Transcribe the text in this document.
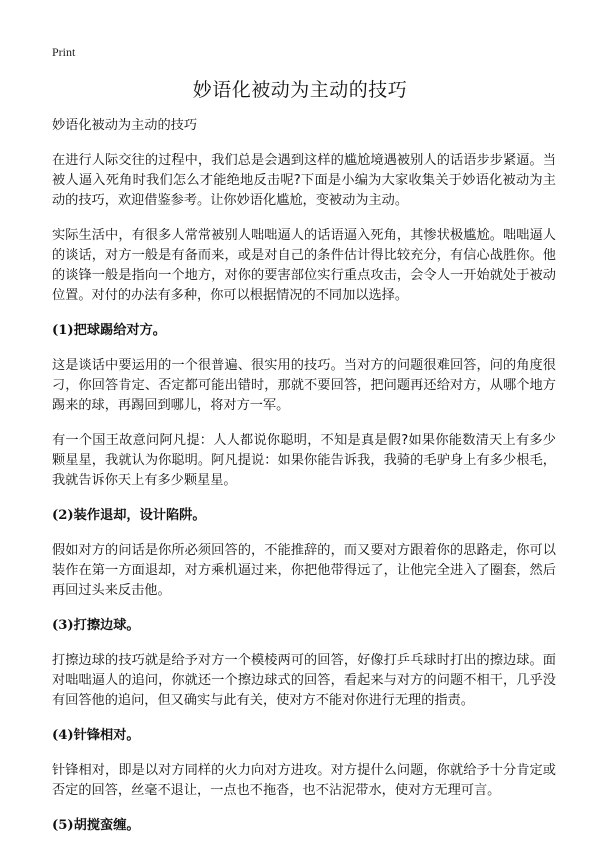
Print
妙语化被动为主动的技巧

妙语化被动为主动的技巧

在进行人际交往的过程中，我们总是会遇到这样的尴尬境遇被别人的话语步步紧逼。当被人逼入死角时我们怎么才能绝地反击呢?下面是小编为大家收集关于妙语化被动为主动的技巧，欢迎借鉴参考。让你妙语化尴尬，变被动为主动。

实际生活中，有很多人常常被别人咄咄逼人的话语逼入死角，其惨状极尴尬。咄咄逼人的谈话，对方一般是有备而来，或是对自己的条件估计得比较充分，有信心战胜你。他的谈锋一般是指向一个地方，对你的要害部位实行重点攻击，会令人一开始就处于被动位置。对付的办法有多种，你可以根据情况的不同加以选择。

(1)把球踢给对方。

这是谈话中要运用的一个很普遍、很实用的技巧。当对方的问题很难回答，问的角度很刁，你回答肯定、否定都可能出错时，那就不要回答，把问题再还给对方，从哪个地方踢来的球，再踢回到哪儿，将对方一军。

有一个国王故意问阿凡提：人人都说你聪明，不知是真是假?如果你能数清天上有多少颗星星，我就认为你聪明。阿凡提说：如果你能告诉我，我骑的毛驴身上有多少根毛，我就告诉你天上有多少颗星星。

(2)装作退却，设计陷阱。

假如对方的问话是你所必须回答的，不能推辞的，而又要对方跟着你的思路走，你可以装作在第一方面退却，对方乘机逼过来，你把他带得远了，让他完全进入了圈套，然后再回过头来反击他。

(3)打擦边球。

打擦边球的技巧就是给予对方一个模棱两可的回答，好像打乒乓球时打出的擦边球。面对咄咄逼人的追问，你就还一个擦边球式的回答，看起来与对方的问题不相干，几乎没有回答他的追问，但又确实与此有关，使对方不能对你进行无理的指责。

(4)针锋相对。

针锋相对，即是以对方同样的火力向对方进攻。对方提什么问题，你就给予十分肯定或否定的回答，丝毫不退让，一点也不拖沓，也不沾泥带水，使对方无理可言。

(5)胡搅蛮缠。
